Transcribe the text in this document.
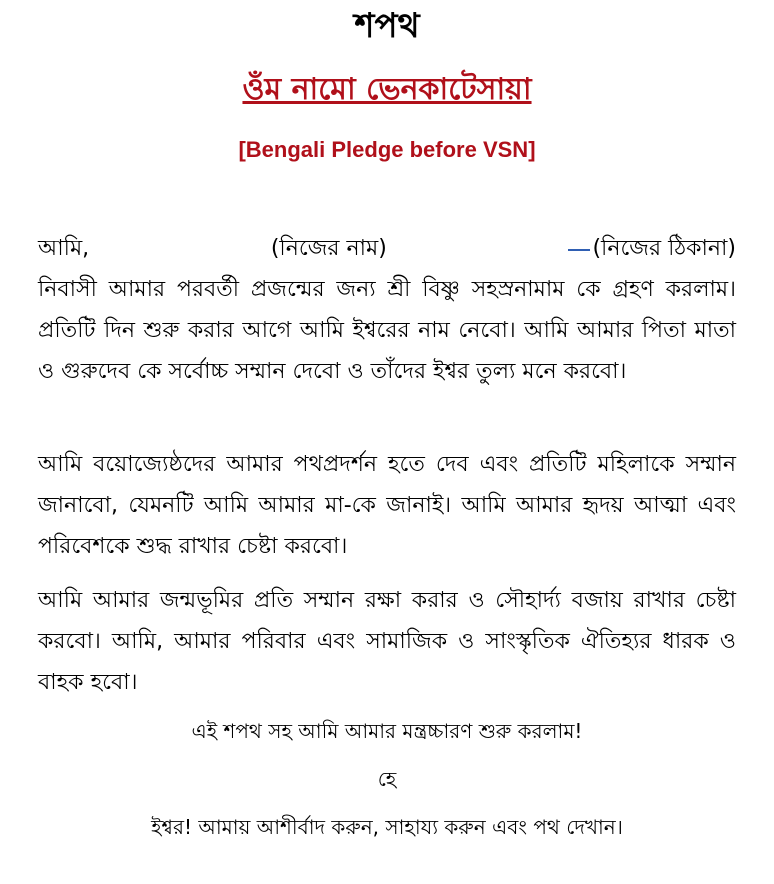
শপথ
ওঁম নামো ভেনকাটেসায়া
[Bengali Pledge before VSN]
আমি,	(নিজের নাম)	(নিজের ঠিকানা)
নিবাসী আমার পরবর্তী প্রজন্মের জন্য শ্রী বিষ্ণু সহস্রনামাম কে গ্রহণ করলাম। প্রতিটি দিন শুরু করার আগে আমি ইশ্বরের নাম নেবো। আমি আমার পিতা মাতা ও গুরুদেব কে সর্বোচ্চ সম্মান দেবো ও তাঁদের ইশ্বর তুল্য মনে করবো।
আমি বয়োজ্যেষ্ঠদের আমার পথপ্রদর্শন হতে দেব এবং প্রতিটি মহিলাকে সম্মান জানাবো, যেমনটি আমি আমার মা-কে জানাই। আমি আমার হৃদয় আত্মা এবং পরিবেশকে শুদ্ধ রাখার চেষ্টা করবো।
আমি আমার জন্মভূমির প্রতি সম্মান রক্ষা করার ও সৌহার্দ্য বজায় রাখার চেষ্টা করবো। আমি, আমার পরিবার এবং সামাজিক ও সাংস্কৃতিক ঐতিহ্যর ধারক ও বাহক হবো।
এই শপথ সহ আমি আমার মন্ত্রচ্চারণ শুরু করলাম!
হে
ইশ্বর! আমায় আশীর্বাদ করুন, সাহায্য করুন এবং পথ দেখান।
